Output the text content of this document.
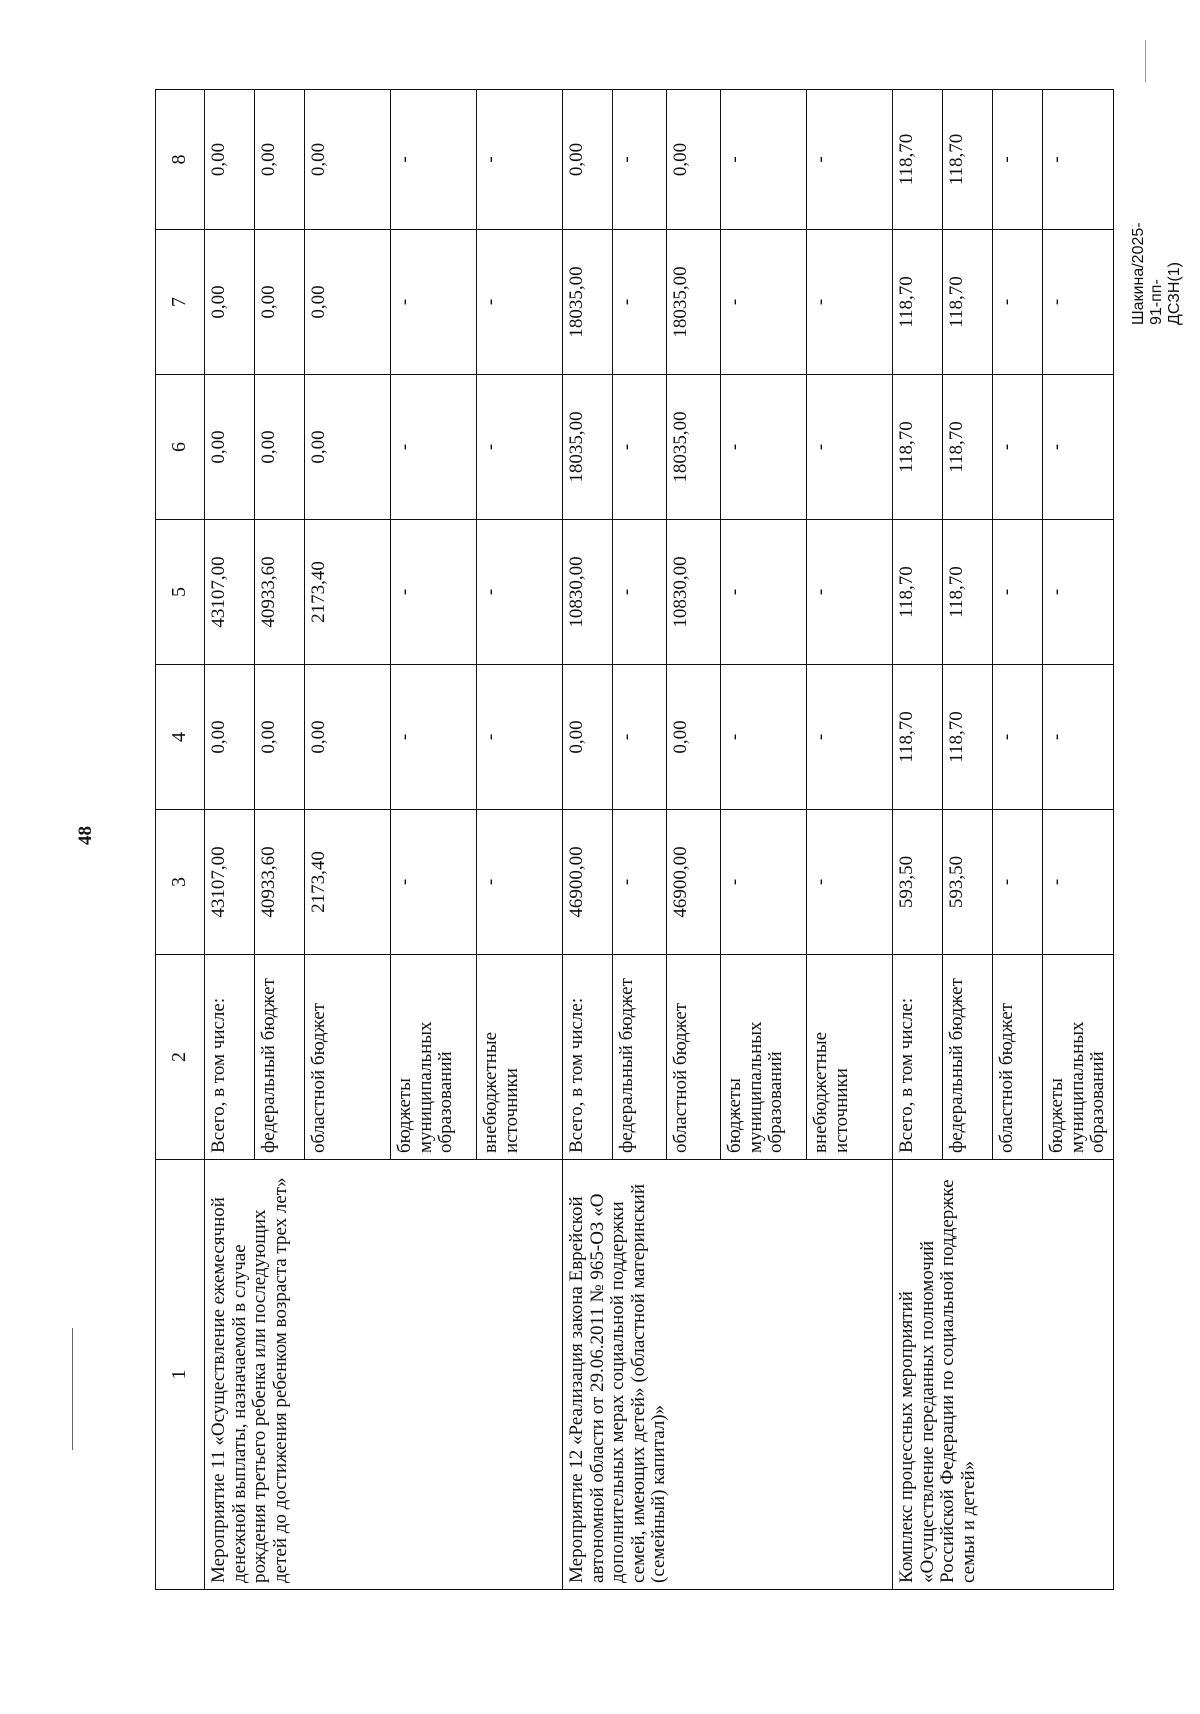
48
Шакина/2025-91-пп-ДСЗН(1)
1	2	3	4	5	6	7	8
Мероприятие 11 «Осуществление ежемесячной денежной выплаты, назначаемой в случае рождения третьего ребенка или последующих детей до достижения ребенком возраста трех лет»	Всего, в том числе:	43107,00	0,00	43107,00	0,00	0,00	0,00
	федеральный бюджет	40933,60	0,00	40933,60	0,00	0,00	0,00
	областной бюджет	2173,40	0,00	2173,40	0,00	0,00	0,00
	бюджеты муниципальных образований	-	-	-	-	-	-
	внебюджетные источники	-	-	-	-	-	-
Мероприятие 12 «Реализация закона Еврейской автономной области от 29.06.2011 № 965-ОЗ «О дополнительных мерах социальной поддержки семей, имеющих детей» (областной материнский (семейный) капитал)»	Всего, в том числе:	46900,00	0,00	10830,00	18035,00	18035,00	0,00
	федеральный бюджет	-	-	-	-	-	-
	областной бюджет	46900,00	0,00	10830,00	18035,00	18035,00	0,00
	бюджеты муниципальных образований	-	-	-	-	-	-
	внебюджетные источники	-	-	-	-	-	-
Комплекс процессных мероприятий «Осуществление переданных полномочий Российской Федерации по социальной поддержке семьи и детей»	Всего, в том числе:	593,50	118,70	118,70	118,70	118,70	118,70
	федеральный бюджет	593,50	118,70	118,70	118,70	118,70	118,70
	областной бюджет	-	-	-	-	-	-
	бюджеты муниципальных образований	-	-	-	-	-	-
